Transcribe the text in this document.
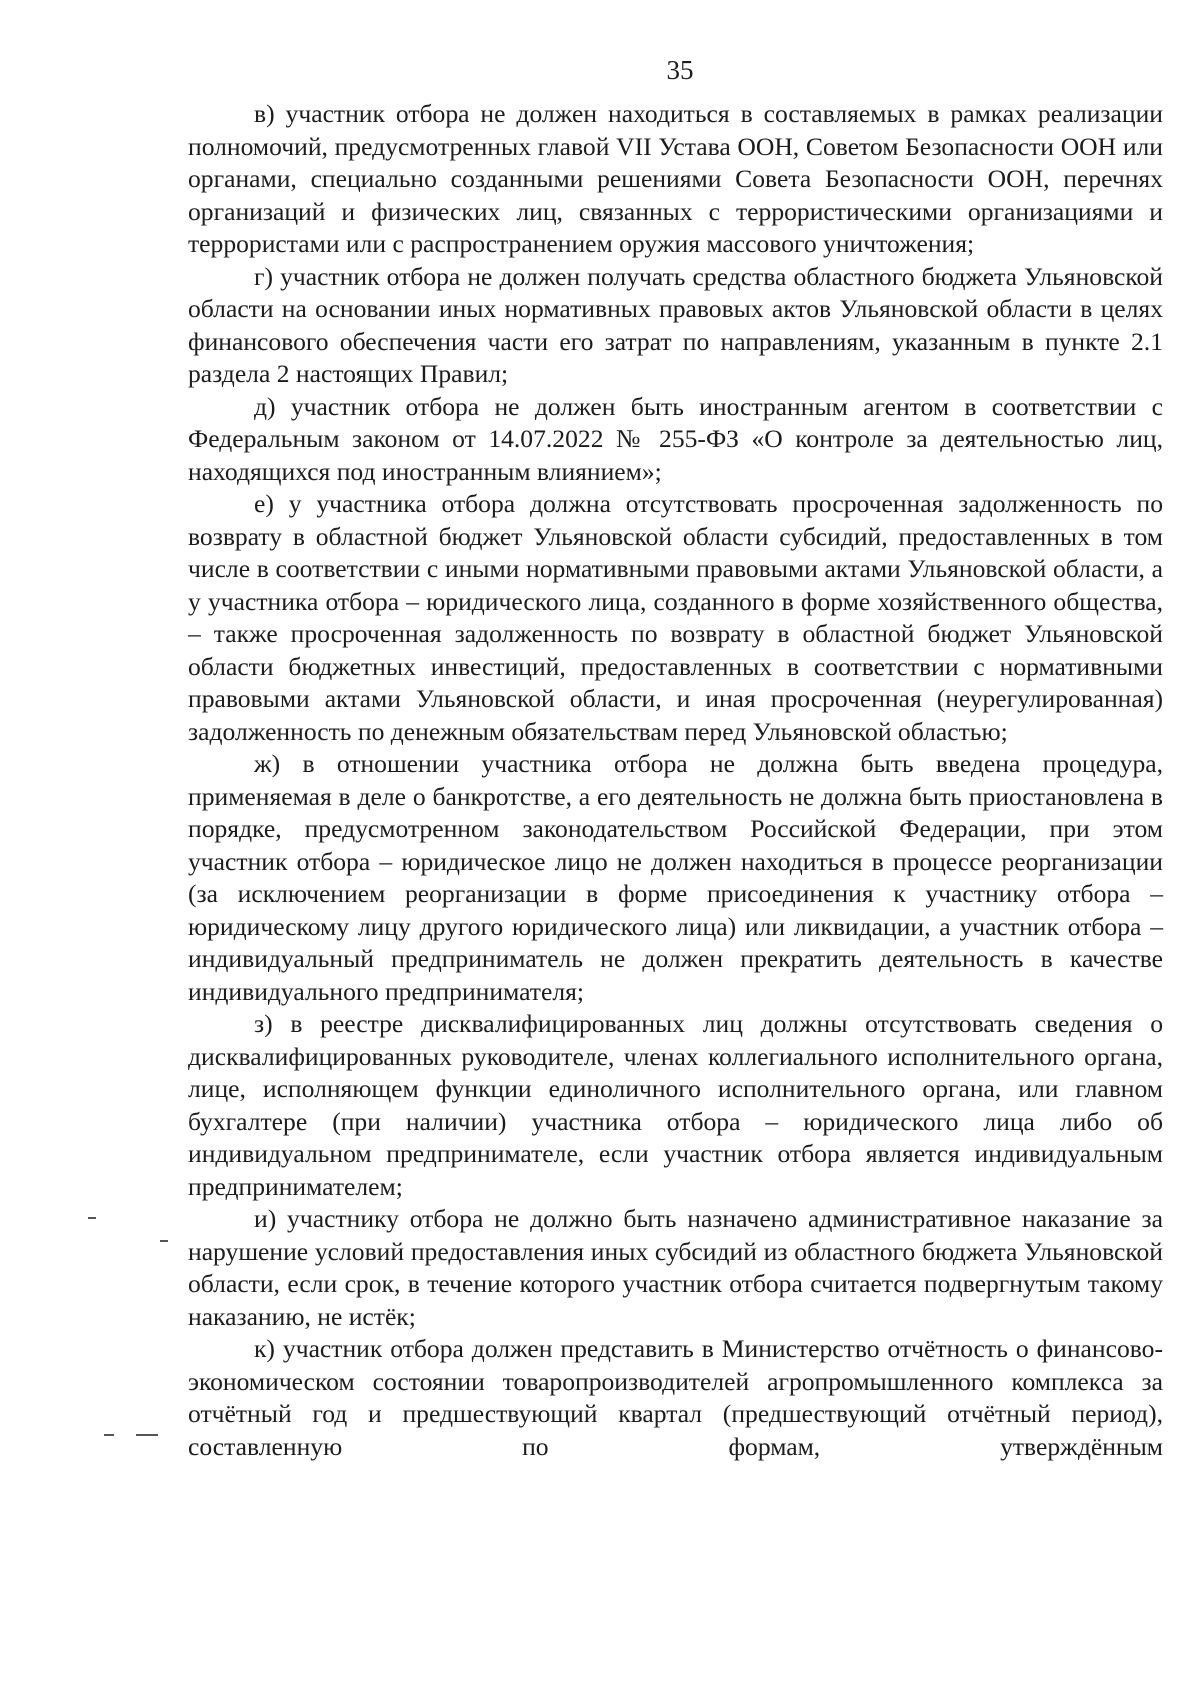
35

в) участник отбора не должен находиться в составляемых в рамках реализации полномочий, предусмотренных главой VII Устава ООН, Советом Безопасности ООН или органами, специально созданными решениями Совета Безопасности ООН, перечнях организаций и физических лиц, связанных с террористическими организациями и террористами или с распространением оружия массового уничтожения;

г) участник отбора не должен получать средства областного бюджета Ульяновской области на основании иных нормативных правовых актов Ульяновской области в целях финансового обеспечения части его затрат по направлениям, указанным в пункте 2.1 раздела 2 настоящих Правил;

д) участник отбора не должен быть иностранным агентом в соответствии с Федеральным законом от 14.07.2022 № 255-ФЗ «О контроле за деятельностью лиц, находящихся под иностранным влиянием»;

е) у участника отбора должна отсутствовать просроченная задолженность по возврату в областной бюджет Ульяновской области субсидий, предоставленных в том числе в соответствии с иными нормативными правовыми актами Ульяновской области, а у участника отбора – юридического лица, созданного в форме хозяйственного общества, – также просроченная задолженность по возврату в областной бюджет Ульяновской области бюджетных инвестиций, предоставленных в соответствии с нормативными правовыми актами Ульяновской области, и иная просроченная (неурегулированная) задолженность по денежным обязательствам перед Ульяновской областью;

ж) в отношении участника отбора не должна быть введена процедура, применяемая в деле о банкротстве, а его деятельность не должна быть приостановлена в порядке, предусмотренном законодательством Российской Федерации, при этом участник отбора – юридическое лицо не должен находиться в процессе реорганизации (за исключением реорганизации в форме присоединения к участнику отбора – юридическому лицу другого юридического лица) или ликвидации, а участник отбора – индивидуальный предприниматель не должен прекратить деятельность в качестве индивидуального предпринимателя;

з) в реестре дисквалифицированных лиц должны отсутствовать сведения о дисквалифицированных руководителе, членах коллегиального исполнительного органа, лице, исполняющем функции единоличного исполнительного органа, или главном бухгалтере (при наличии) участника отбора – юридического лица либо об индивидуальном предпринимателе, если участник отбора является индивидуальным предпринимателем;

и) участнику отбора не должно быть назначено административное наказание за нарушение условий предоставления иных субсидий из областного бюджета Ульяновской области, если срок, в течение которого участник отбора считается подвергнутым такому наказанию, не истёк;

к) участник отбора должен представить в Министерство отчётность о финансово-экономическом состоянии товаропроизводителей агропромышленного комплекса за отчётный год и предшествующий квартал (предшествующий отчётный период), составленную по формам, утверждённым
